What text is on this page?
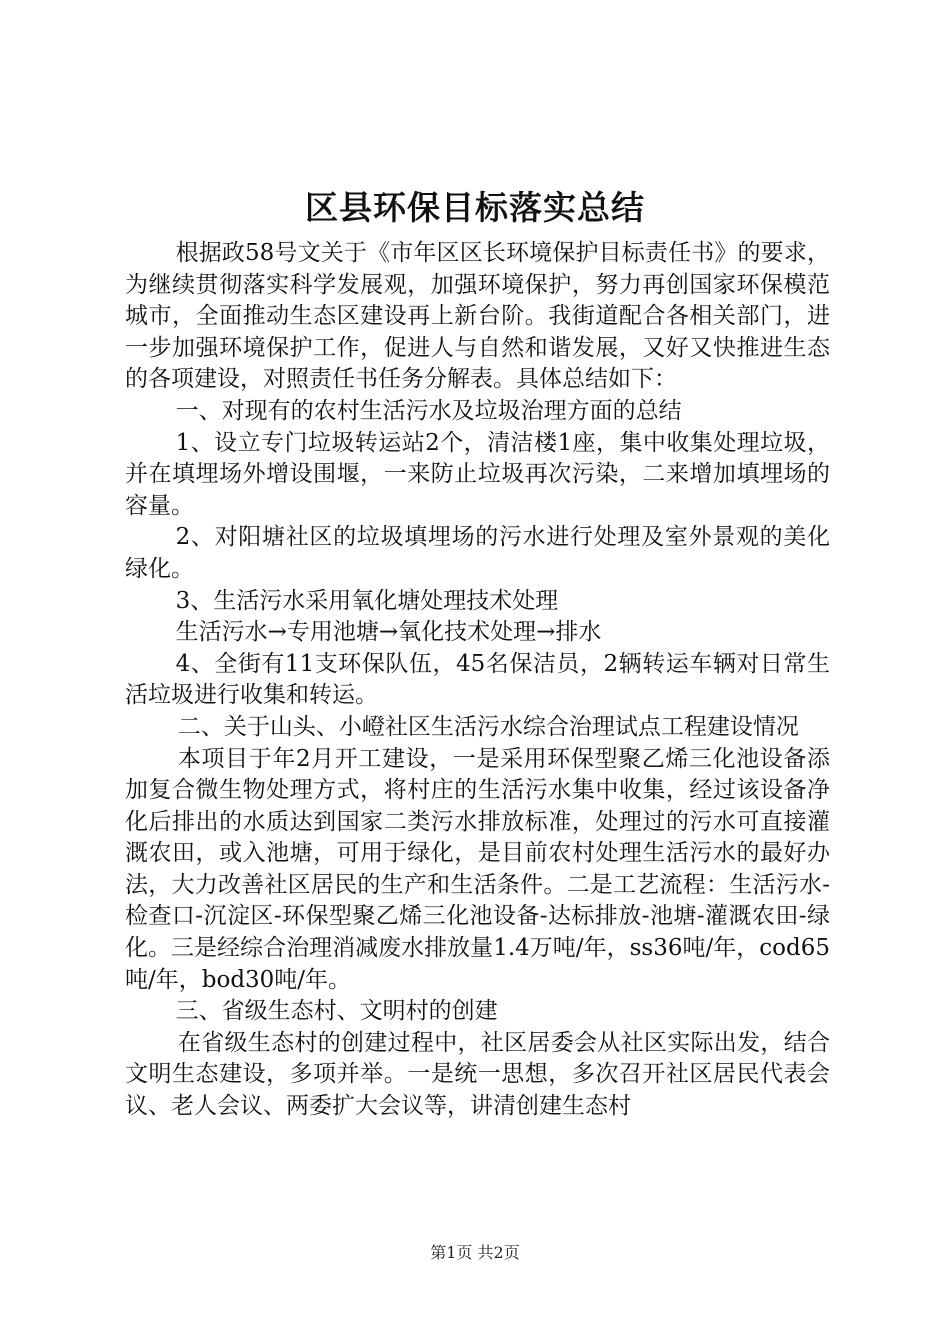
区县环保目标落实总结

根据政58号文关于《市年区区长环境保护目标责任书》的要求，为继续贯彻落实科学发展观，加强环境保护，努力再创国家环保模范城市，全面推动生态区建设再上新台阶。我街道配合各相关部门，进一步加强环境保护工作，促进人与自然和谐发展，又好又快推进生态的各项建设，对照责任书任务分解表。具体总结如下：

一、对现有的农村生活污水及垃圾治理方面的总结

1、设立专门垃圾转运站2个，清洁楼1座，集中收集处理垃圾，并在填埋场外增设围堰，一来防止垃圾再次污染，二来增加填埋场的容量。

2、对阳塘社区的垃圾填埋场的污水进行处理及室外景观的美化绿化。

3、生活污水采用氧化塘处理技术处理

生活污水→专用池塘→氧化技术处理→排水

4、全街有11支环保队伍，45名保洁员，2辆转运车辆对日常生活垃圾进行收集和转运。

二、关于山头、小嶝社区生活污水综合治理试点工程建设情况

本项目于年2月开工建设，一是采用环保型聚乙烯三化池设备添加复合微生物处理方式，将村庄的生活污水集中收集，经过该设备净化后排出的水质达到国家二类污水排放标准，处理过的污水可直接灌溉农田，或入池塘，可用于绿化，是目前农村处理生活污水的最好办法，大力改善社区居民的生产和生活条件。二是工艺流程：生活污水-检查口-沉淀区-环保型聚乙烯三化池设备-达标排放-池塘-灌溉农田-绿化。三是经综合治理消减废水排放量1.4万吨/年，ss36吨/年，cod65吨/年，bod30吨/年。

三、省级生态村、文明村的创建

在省级生态村的创建过程中，社区居委会从社区实际出发，结合文明生态建设，多项并举。一是统一思想，多次召开社区居民代表会议、老人会议、两委扩大会议等，讲清创建生态村

第1页 共2页
